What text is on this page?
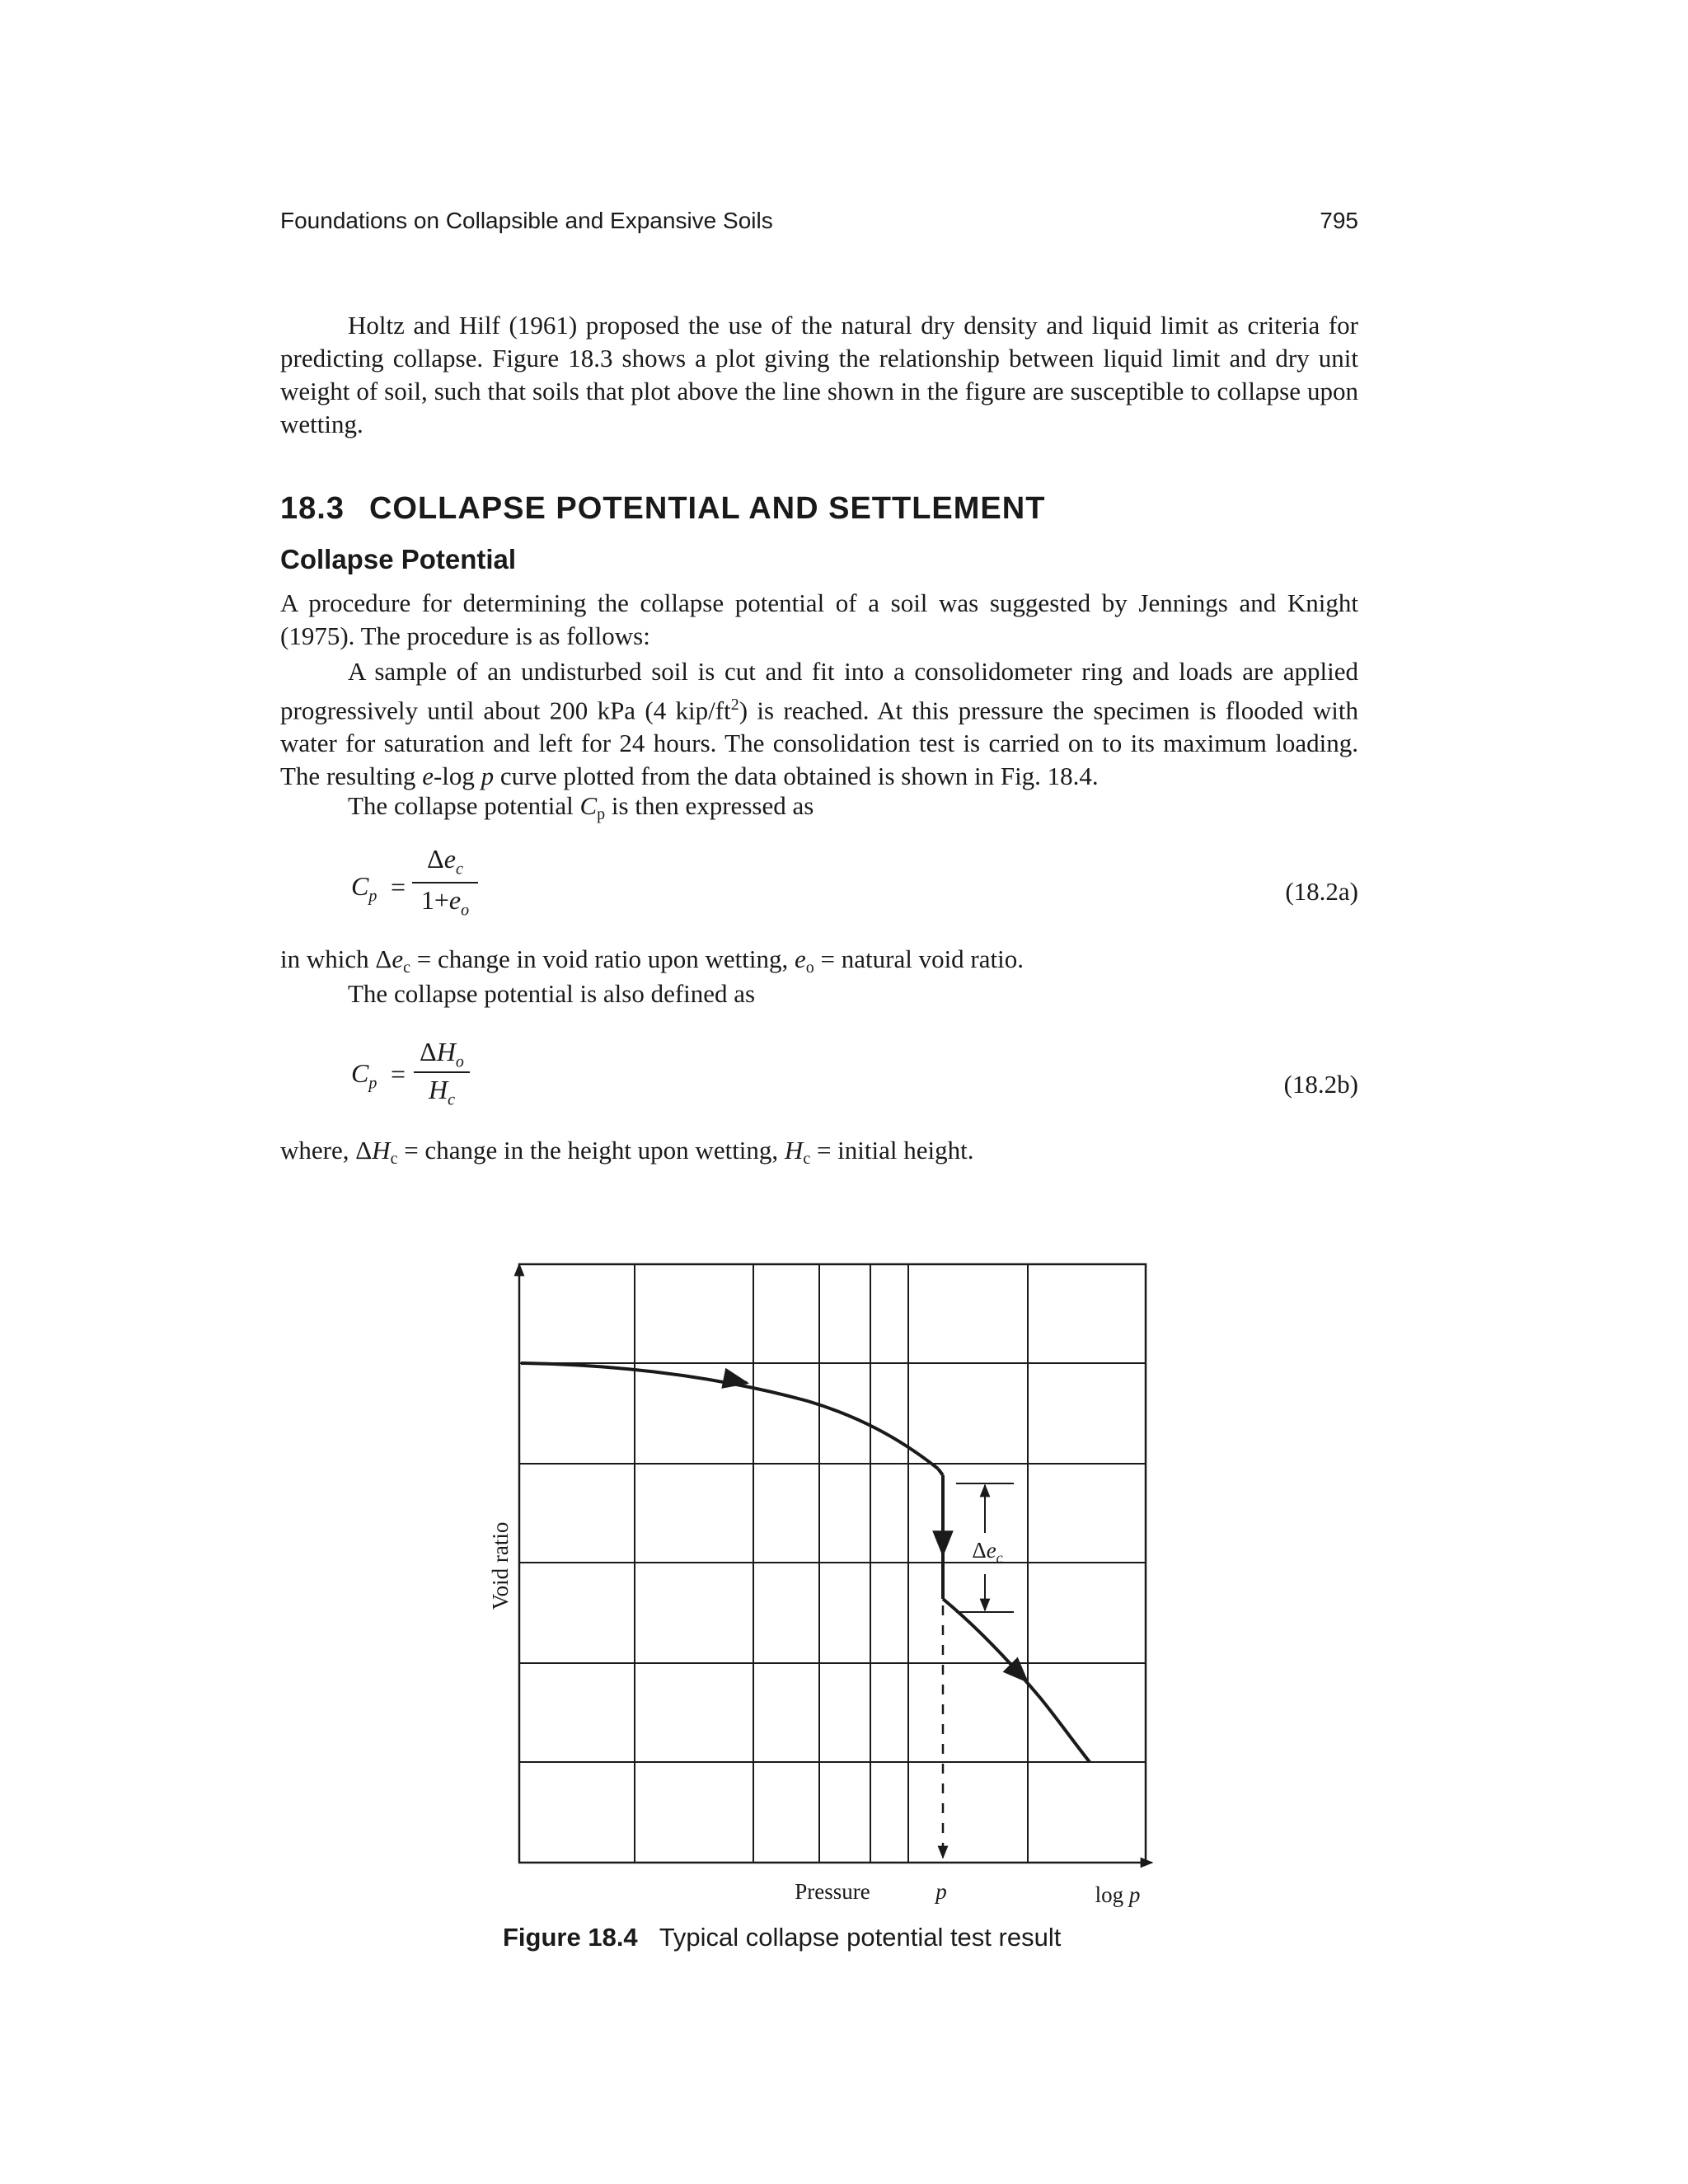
Foundations on Collapsible and Expansive Soils	795
Holtz and Hilf (1961) proposed the use of the natural dry density and liquid limit as criteria for predicting collapse. Figure 18.3 shows a plot giving the relationship between liquid limit and dry unit weight of soil, such that soils that plot above the line shown in the figure are susceptible to collapse upon wetting.
18.3 COLLAPSE POTENTIAL AND SETTLEMENT
Collapse Potential
A procedure for determining the collapse potential of a soil was suggested by Jennings and Knight (1975). The procedure is as follows:
A sample of an undisturbed soil is cut and fit into a consolidometer ring and loads are applied progressively until about 200 kPa (4 kip/$ft^2$) is reached. At this pressure the specimen is flooded with water for saturation and left for 24 hours. The consolidation test is carried on to its maximum loading. The resulting e-log p curve plotted from the data obtained is shown in Fig. 18.4.
The collapse potential $C_p$ is then expressed as
$C_p$ =
$\Delta e_c$
$1+e_o$
(18.2a)
in which $\Delta e_c$ = change in void ratio upon wetting, $e_o$ = natural void ratio.
The collapse potential is also defined as
$C_p$ =
$\Delta H_o$
$H_c$
(18.2b)
where, $\Delta H_c$ = change in the height upon wetting, $H_c$ = initial height.
Void ratio	$\Delta e_c$
Pressure	p	log p
Figure 18.4 Typical collapse potential test result
